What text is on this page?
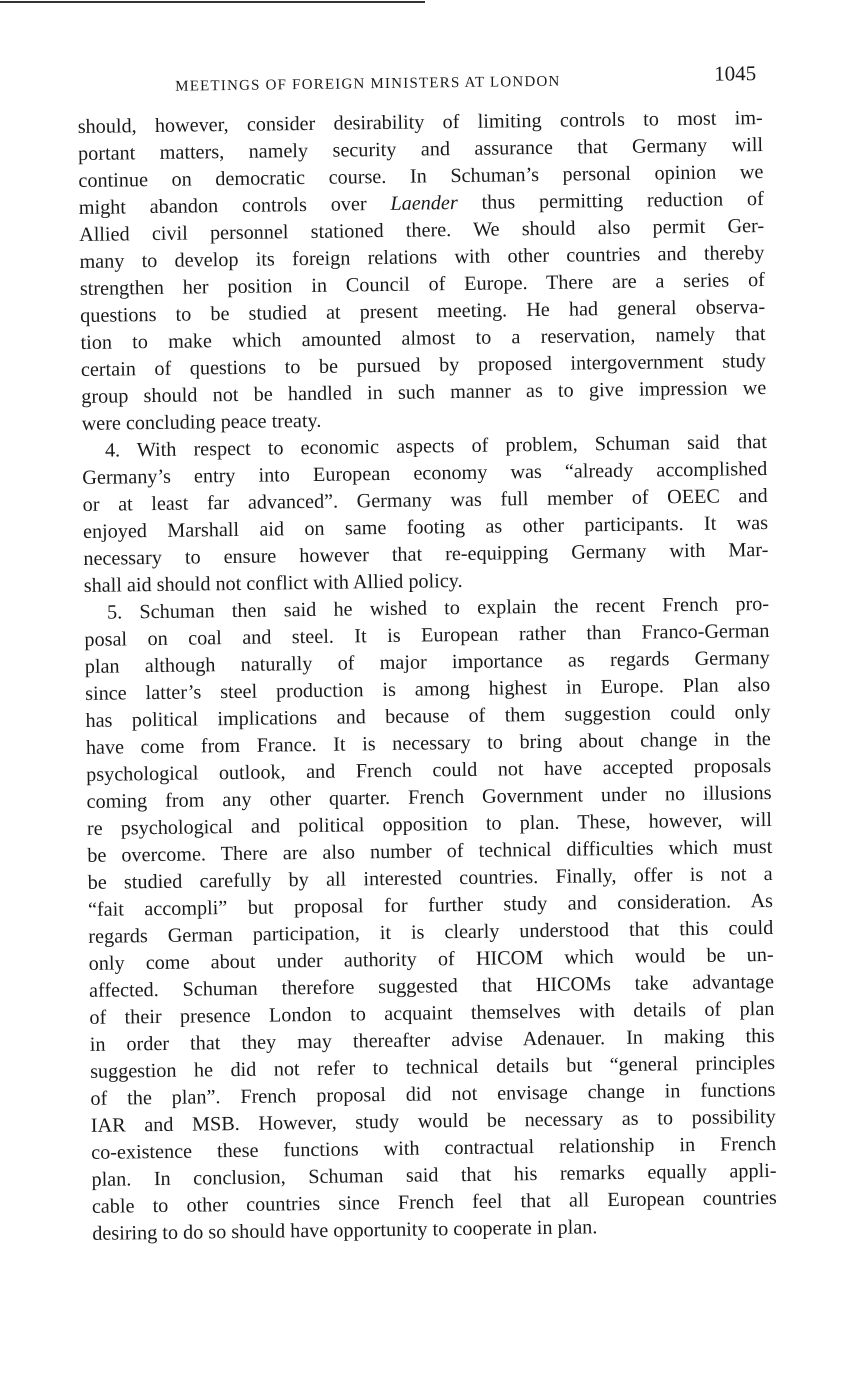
MEETINGS OF FOREIGN MINISTERS AT LONDON	1045
should, however, consider desirability of limiting controls to most im-
portant matters, namely security and assurance that Germany will
continue on democratic course. In Schuman’s personal opinion we
might abandon controls over Laender thus permitting reduction of
Allied civil personnel stationed there. We should also permit Ger-
many to develop its foreign relations with other countries and thereby
strengthen her position in Council of Europe. There are a series of
questions to be studied at present meeting. He had general observa-
tion to make which amounted almost to a reservation, namely that
certain of questions to be pursued by proposed intergovernment study
group should not be handled in such manner as to give impression we
were concluding peace treaty.
4. With respect to economic aspects of problem, Schuman said that
Germany’s entry into European economy was “already accomplished
or at least far advanced”. Germany was full member of OEEC and
enjoyed Marshall aid on same footing as other participants. It was
necessary to ensure however that re-equipping Germany with Mar-
shall aid should not conflict with Allied policy.
5. Schuman then said he wished to explain the recent French pro-
posal on coal and steel. It is European rather than Franco-German
plan although naturally of major importance as regards Germany
since latter’s steel production is among highest in Europe. Plan also
has political implications and because of them suggestion could only
have come from France. It is necessary to bring about change in the
psychological outlook, and French could not have accepted proposals
coming from any other quarter. French Government under no illusions
re psychological and political opposition to plan. These, however, will
be overcome. There are also number of technical difficulties which must
be studied carefully by all interested countries. Finally, offer is not a
“fait accompli” but proposal for further study and consideration. As
regards German participation, it is clearly understood that this could
only come about under authority of HICOM which would be un-
affected. Schuman therefore suggested that HICOMs take advantage
of their presence London to acquaint themselves with details of plan
in order that they may thereafter advise Adenauer. In making this
suggestion he did not refer to technical details but “general principles
of the plan”. French proposal did not envisage change in functions
IAR and MSB. However, study would be necessary as to possibility
co-existence these functions with contractual relationship in French
plan. In conclusion, Schuman said that his remarks equally appli-
cable to other countries since French feel that all European countries
desiring to do so should have opportunity to cooperate in plan.
